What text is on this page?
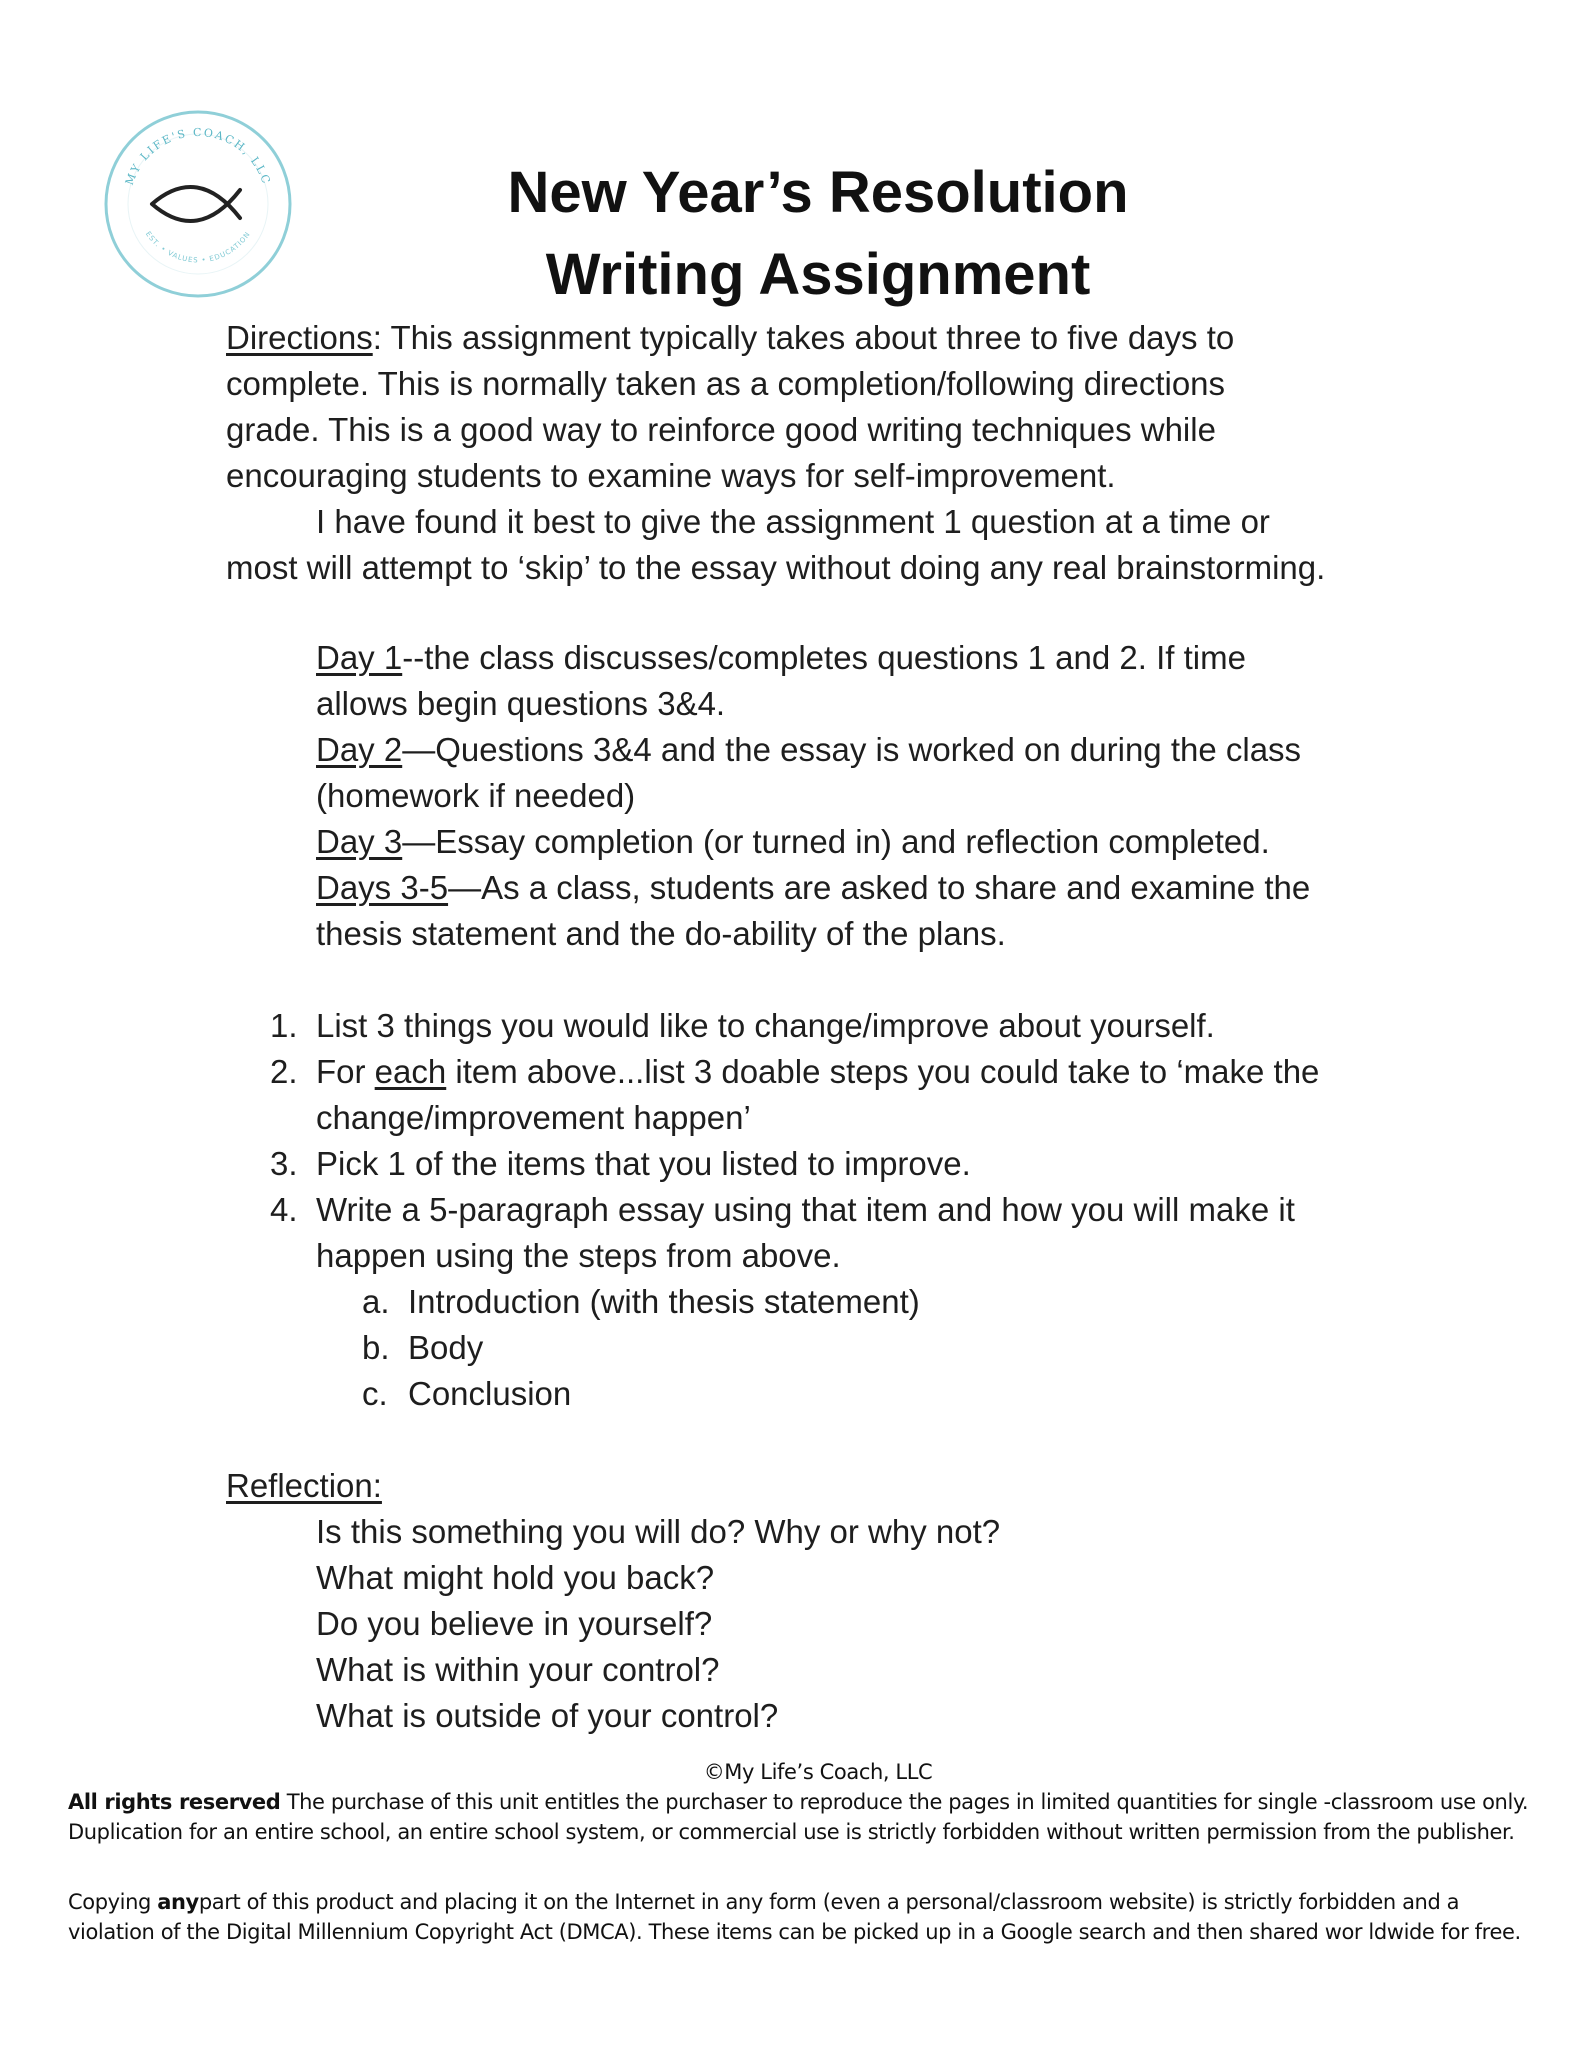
MY LIFE'S COACH, LLC
EST. • VALUES • EDUCATION
New Year’s Resolution
Writing Assignment
Directions: This assignment typically takes about three to five days to
complete. This is normally taken as a completion/following directions
grade. This is a good way to reinforce good writing techniques while
encouraging students to examine ways for self-improvement.
I have found it best to give the assignment 1 question at a time or
most will attempt to ‘skip’ to the essay without doing any real brainstorming.
Day 1--the class discusses/completes questions 1 and 2. If time
allows begin questions 3&4.
Day 2—Questions 3&4 and the essay is worked on during the class
(homework if needed)
Day 3—Essay completion (or turned in) and reflection completed.
Days 3-5—As a class, students are asked to share and examine the
thesis statement and the do-ability of the plans.
1. List 3 things you would like to change/improve about yourself.
2. For each item above...list 3 doable steps you could take to ‘make the
change/improvement happen’
3. Pick 1 of the items that you listed to improve.
4. Write a 5-paragraph essay using that item and how you will make it
happen using the steps from above.
a. Introduction (with thesis statement)
b. Body
c. Conclusion
Reflection:
Is this something you will do? Why or why not?
What might hold you back?
Do you believe in yourself?
What is within your control?
What is outside of your control?
©My Life’s Coach, LLC
All rights reserved The purchase of this unit entitles the purchaser to reproduce the pages in limited quantities for single -classroom use only.
Duplication for an entire school, an entire school system, or commercial use is strictly forbidden without written permission from the publisher.
Copying anypart of this product and placing it on the Internet in any form (even a personal/classroom website) is strictly forbidden and a
violation of the Digital Millennium Copyright Act (DMCA). These items can be picked up in a Google search and then shared wor ldwide for free.
